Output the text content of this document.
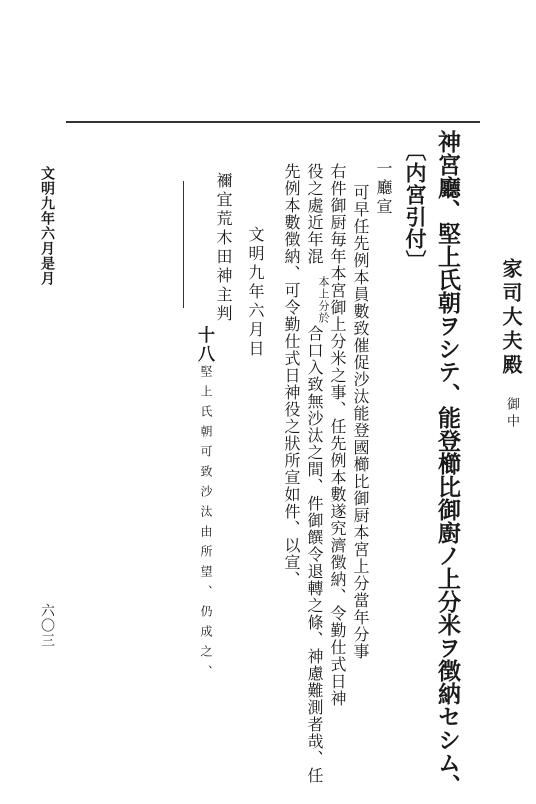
文明九年六月是月
六〇三
家司大夫殿 御中
神宮廳、堅上氏朝ヲシテ、能登櫛比御廚ノ上分米ヲ徴納セシム、
〔内宮引付〕
一廳宣
可早任先例本員數致催促沙汰能登國櫛比御厨本宮上分當年分事
右件御厨毎年本宮御上分米之事、任先例本數遂究濟徴納、令勤仕式日神
役之處近年混
本上分於
合口入致無沙汰之間、件御饌令退轉之條、神慮難測者哉、任
先例本數徴納、可令勤仕式日神役之狀所宣如件、以宣、
文明九年六月日
禰宜荒木田神主判
十八
堅上氏朝可致沙汰由所望、仍成之、
